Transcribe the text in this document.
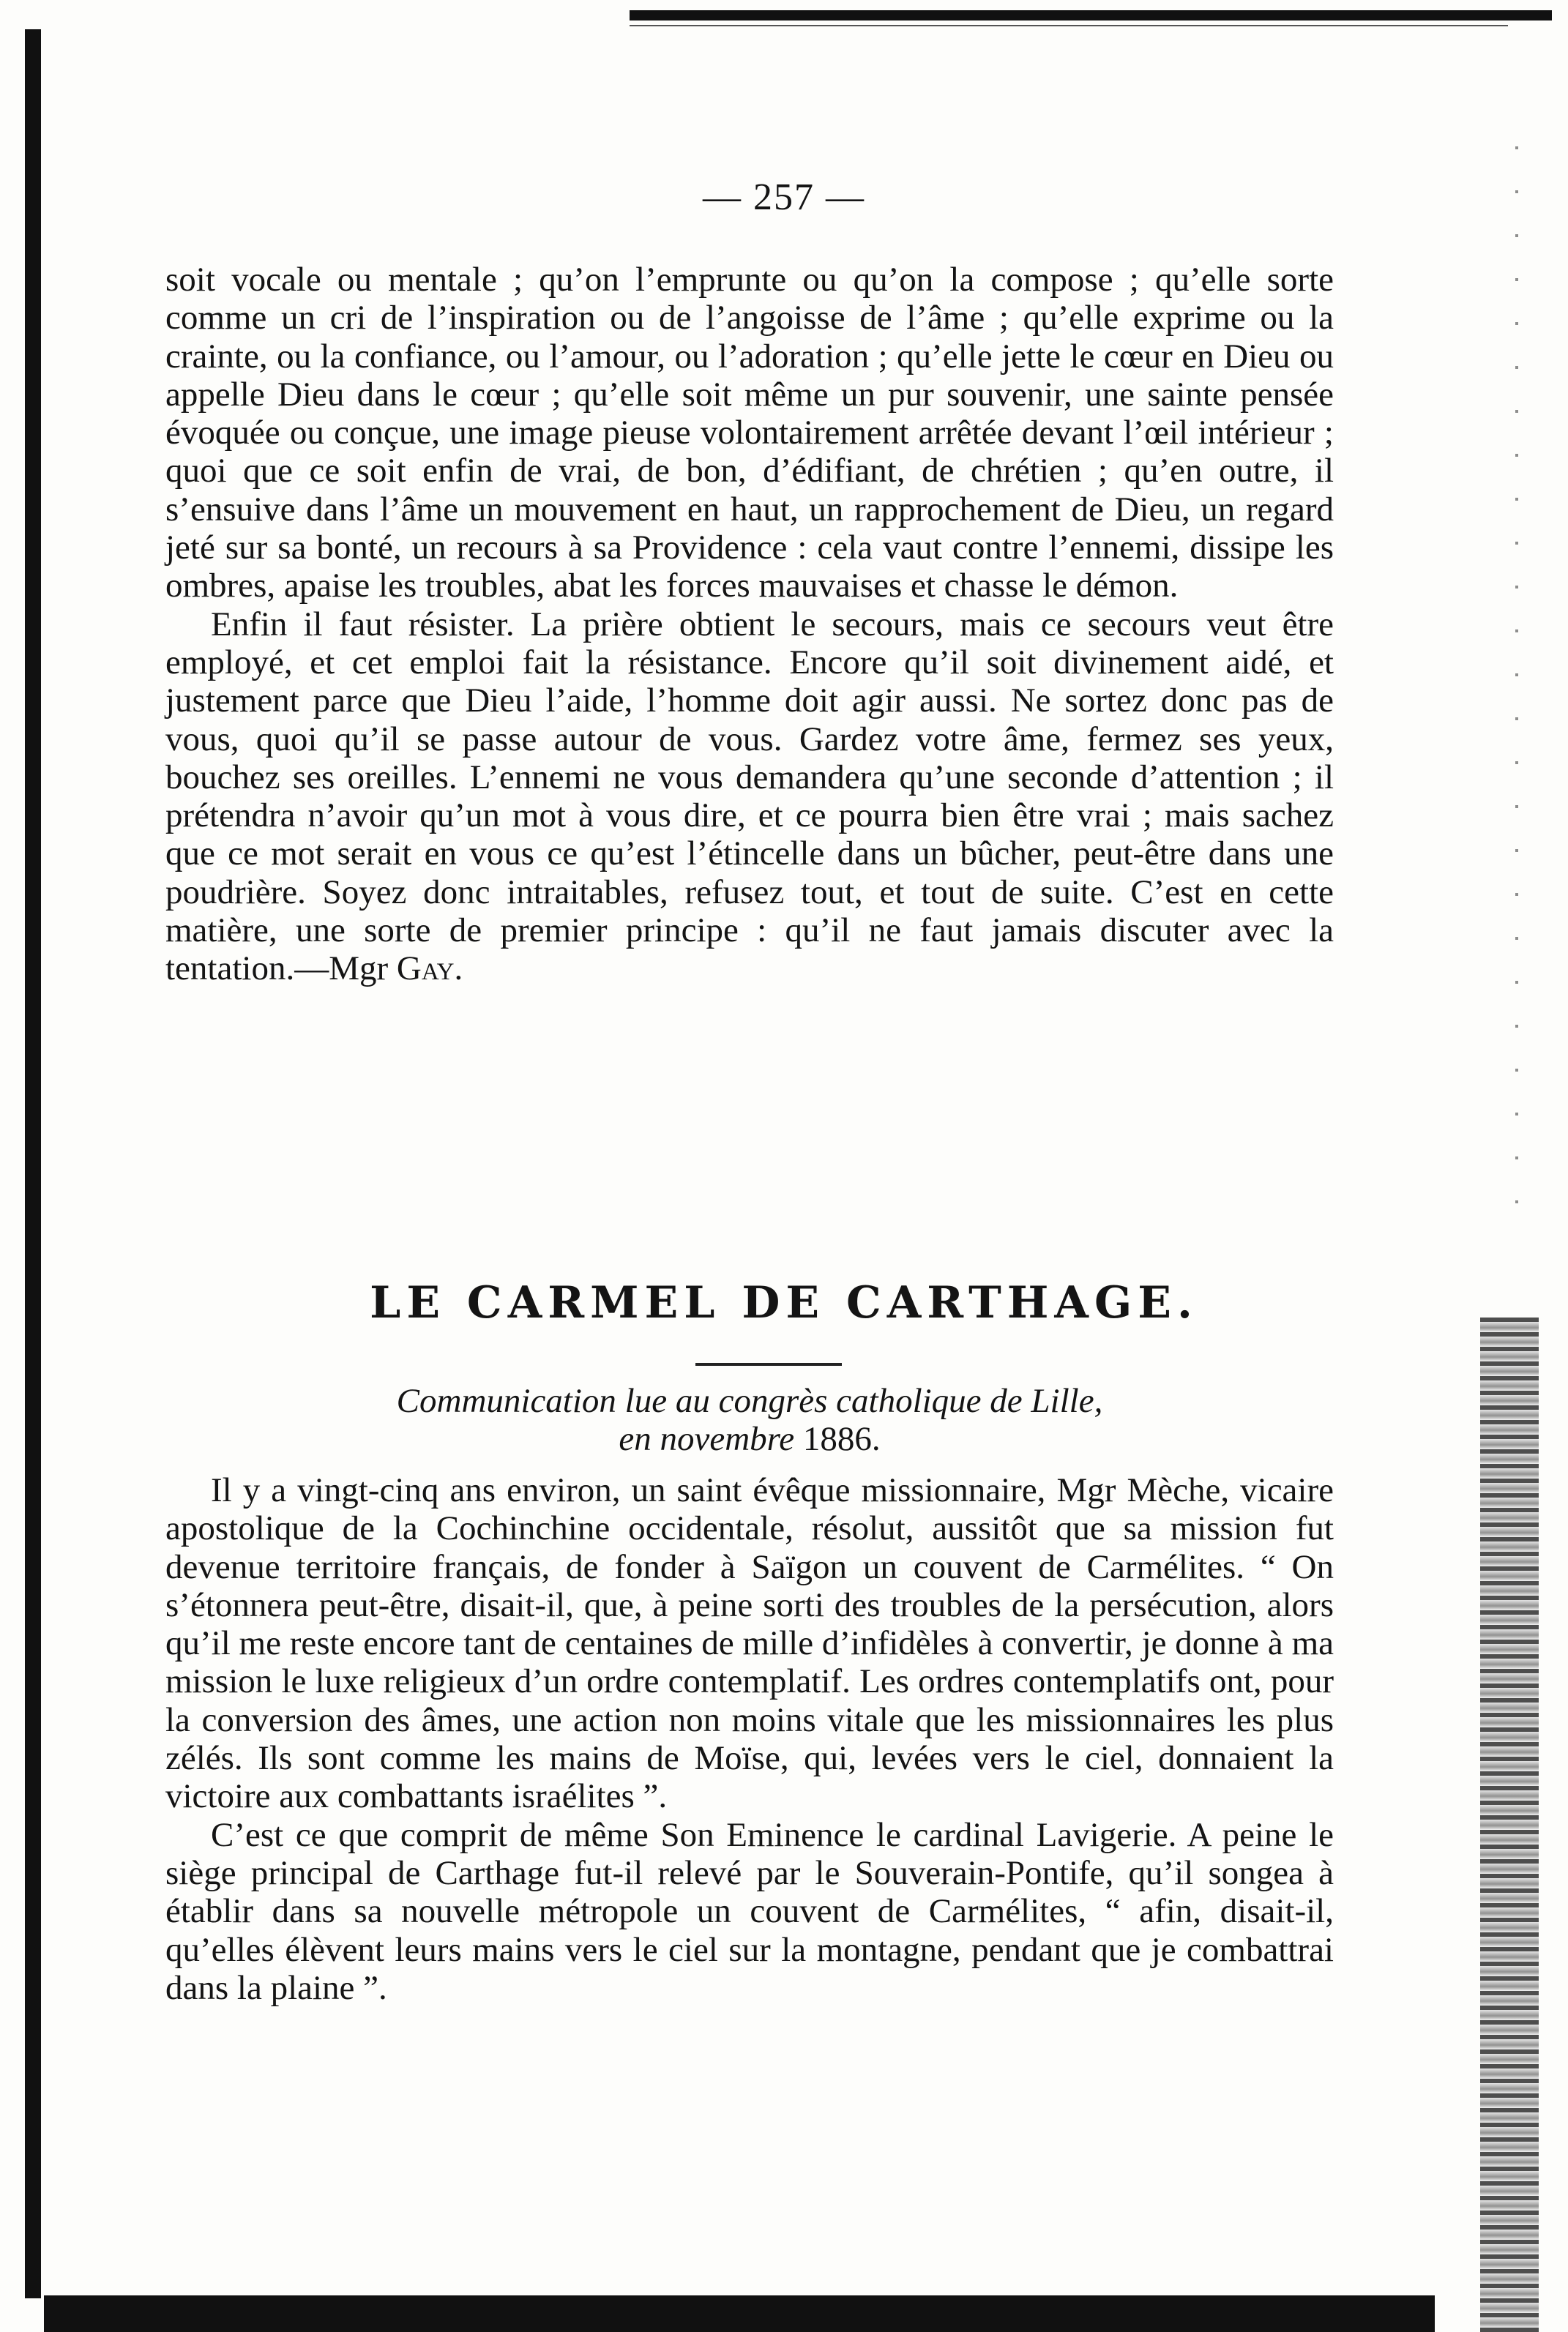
— 257 —

soit vocale ou mentale ; qu’on l’emprunte ou qu’on la compose ; qu’elle sorte comme un cri de l’inspiration ou de l’angoisse de l’âme ; qu’elle exprime ou la crainte, ou la confiance, ou l’amour, ou l’adoration ; qu’elle jette le cœur en Dieu ou appelle Dieu dans le cœur ; qu’elle soit même un pur souvenir, une sainte pensée évoquée ou conçue, une image pieuse volontairement arrêtée devant l’œil intérieur ; quoi que ce soit enfin de vrai, de bon, d’édifiant, de chrétien ; qu’en outre, il s’ensuive dans l’âme un mouvement en haut, un rapprochement de Dieu, un regard jeté sur sa bonté, un recours à sa Providence : cela vaut contre l’ennemi, dissipe les ombres, apaise les troubles, abat les forces mauvaises et chasse le démon.

Enfin il faut résister. La prière obtient le secours, mais ce secours veut être employé, et cet emploi fait la résistance. Encore qu’il soit divinement aidé, et justement parce que Dieu l’aide, l’homme doit agir aussi. Ne sortez donc pas de vous, quoi qu’il se passe autour de vous. Gardez votre âme, fermez ses yeux, bouchez ses oreilles. L’ennemi ne vous demandera qu’une seconde d’attention ; il prétendra n’avoir qu’un mot à vous dire, et ce pourra bien être vrai ; mais sachez que ce mot serait en vous ce qu’est l’étincelle dans un bûcher, peut-être dans une poudrière. Soyez donc intraitables, refusez tout, et tout de suite. C’est en cette matière, une sorte de premier principe : qu’il ne faut jamais discuter avec la tentation.—Mgr Gay.

LE CARMEL DE CARTHAGE.
Communication lue au congrès catholique de Lille,
en novembre 1886.

Il y a vingt-cinq ans environ, un saint évêque missionnaire, Mgr Mèche, vicaire apostolique de la Cochinchine occidentale, résolut, aussitôt que sa mission fut devenue territoire français, de fonder à Saïgon un couvent de Carmélites. “ On s’étonnera peut-être, disait-il, que, à peine sorti des troubles de la persécution, alors qu’il me reste encore tant de centaines de mille d’infidèles à convertir, je donne à ma mission le luxe religieux d’un ordre contemplatif. Les ordres contemplatifs ont, pour la conversion des âmes, une action non moins vitale que les missionnaires les plus zélés. Ils sont comme les mains de Moïse, qui, levées vers le ciel, donnaient la victoire aux combattants israélites ”.

C’est ce que comprit de même Son Eminence le cardinal Lavigerie. A peine le siège principal de Carthage fut-il relevé par le Souverain-Pontife, qu’il songea à établir dans sa nouvelle métropole un couvent de Carmélites, “ afin, disait-il, qu’elles élèvent leurs mains vers le ciel sur la montagne, pendant que je combattrai dans la plaine ”.
